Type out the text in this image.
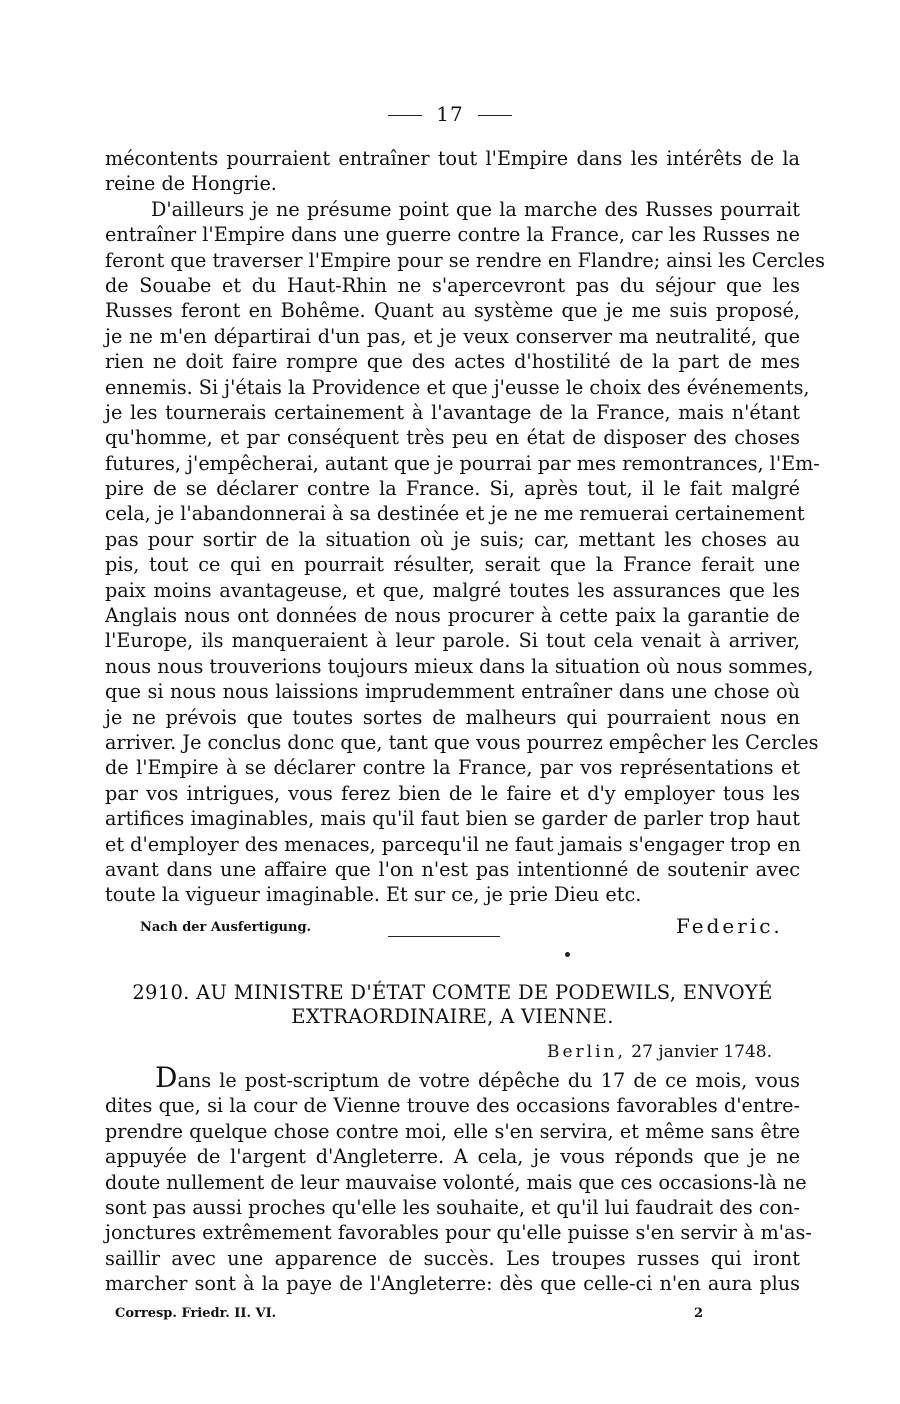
17
mécontents pourraient entraîner tout l'Empire dans les intérêts de la
reine de Hongrie.
D'ailleurs je ne présume point que la marche des Russes pourrait
entraîner l'Empire dans une guerre contre la France, car les Russes ne
feront que traverser l'Empire pour se rendre en Flandre; ainsi les Cercles
de Souabe et du Haut-Rhin ne s'apercevront pas du séjour que les
Russes feront en Bohême. Quant au système que je me suis proposé,
je ne m'en départirai d'un pas, et je veux conserver ma neutralité, que
rien ne doit faire rompre que des actes d'hostilité de la part de mes
ennemis. Si j'étais la Providence et que j'eusse le choix des événements,
je les tournerais certainement à l'avantage de la France, mais n'étant
qu'homme, et par conséquent très peu en état de disposer des choses
futures, j'empêcherai, autant que je pourrai par mes remontrances, l'Em-
pire de se déclarer contre la France. Si, après tout, il le fait malgré
cela, je l'abandonnerai à sa destinée et je ne me remuerai certainement
pas pour sortir de la situation où je suis; car, mettant les choses au
pis, tout ce qui en pourrait résulter, serait que la France ferait une
paix moins avantageuse, et que, malgré toutes les assurances que les
Anglais nous ont données de nous procurer à cette paix la garantie de
l'Europe, ils manqueraient à leur parole. Si tout cela venait à arriver,
nous nous trouverions toujours mieux dans la situation où nous sommes,
que si nous nous laissions imprudemment entraîner dans une chose où
je ne prévois que toutes sortes de malheurs qui pourraient nous en
arriver. Je conclus donc que, tant que vous pourrez empêcher les Cercles
de l'Empire à se déclarer contre la France, par vos représentations et
par vos intrigues, vous ferez bien de le faire et d'y employer tous les
artifices imaginables, mais qu'il faut bien se garder de parler trop haut
et d'employer des menaces, parcequ'il ne faut jamais s'engager trop en
avant dans une affaire que l'on n'est pas intentionné de soutenir avec
toute la vigueur imaginable. Et sur ce, je prie Dieu etc.
Nach der Ausfertigung.	Federic.
2910. AU MINISTRE D'ÉTAT COMTE DE PODEWILS, ENVOYÉ
EXTRAORDINAIRE, A VIENNE.
Berlin, 27 janvier 1748.
Dans le post-scriptum de votre dépêche du 17 de ce mois, vous
dites que, si la cour de Vienne trouve des occasions favorables d'entre-
prendre quelque chose contre moi, elle s'en servira, et même sans être
appuyée de l'argent d'Angleterre. A cela, je vous réponds que je ne
doute nullement de leur mauvaise volonté, mais que ces occasions-là ne
sont pas aussi proches qu'elle les souhaite, et qu'il lui faudrait des con-
jonctures extrêmement favorables pour qu'elle puisse s'en servir à m'as-
saillir avec une apparence de succès. Les troupes russes qui iront
marcher sont à la paye de l'Angleterre: dès que celle-ci n'en aura plus
Corresp. Friedr. II. VI.	2
